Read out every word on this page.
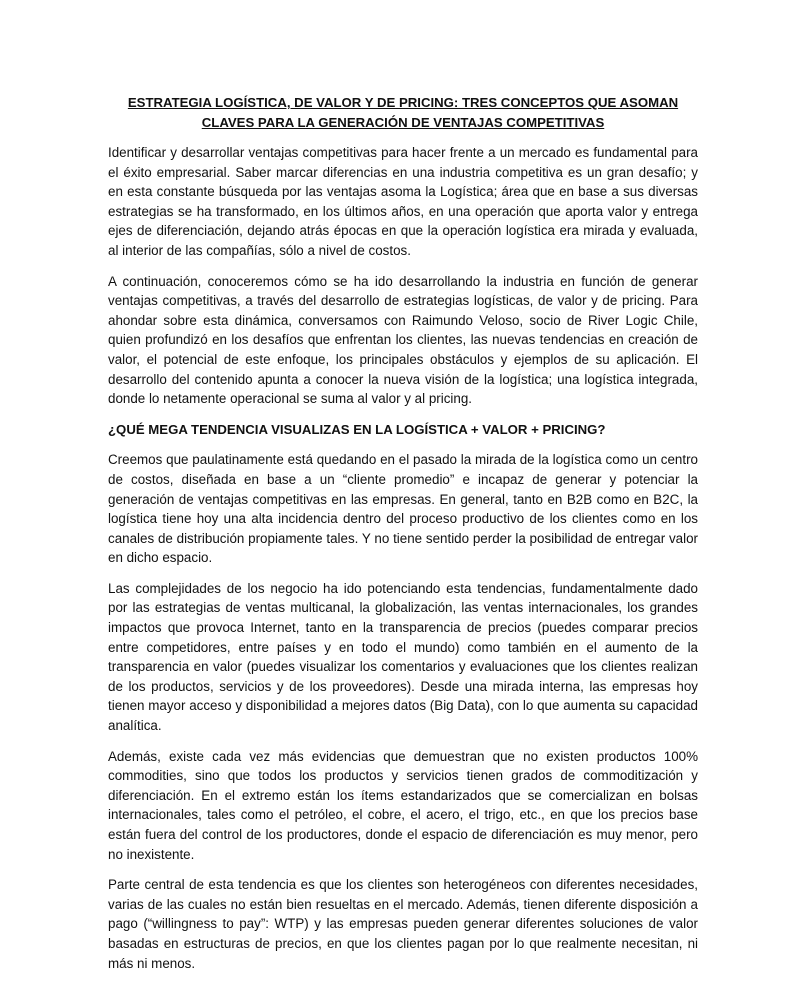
ESTRATEGIA LOGÍSTICA, DE VALOR Y DE PRICING: TRES CONCEPTOS QUE ASOMAN CLAVES PARA LA GENERACIÓN DE VENTAJAS COMPETITIVAS

Identificar y desarrollar ventajas competitivas para hacer frente a un mercado es fundamental para el éxito empresarial. Saber marcar diferencias en una industria competitiva es un gran desafío; y en esta constante búsqueda por las ventajas asoma la Logística; área que en base a sus diversas estrategias se ha transformado, en los últimos años, en una operación que aporta valor y entrega ejes de diferenciación, dejando atrás épocas en que la operación logística era mirada y evaluada, al interior de las compañías, sólo a nivel de costos.

A continuación, conoceremos cómo se ha ido desarrollando la industria en función de generar ventajas competitivas, a través del desarrollo de estrategias logísticas, de valor y de pricing. Para ahondar sobre esta dinámica, conversamos con Raimundo Veloso, socio de River Logic Chile, quien profundizó en los desafíos que enfrentan los clientes, las nuevas tendencias en creación de valor, el potencial de este enfoque, los principales obstáculos y ejemplos de su aplicación. El desarrollo del contenido apunta a conocer la nueva visión de la logística; una logística integrada, donde lo netamente operacional se suma al valor y al pricing.

¿QUÉ MEGA TENDENCIA VISUALIZAS EN LA LOGÍSTICA + VALOR + PRICING?

Creemos que paulatinamente está quedando en el pasado la mirada de la logística como un centro de costos, diseñada en base a un “cliente promedio” e incapaz de generar y potenciar la generación de ventajas competitivas en las empresas. En general, tanto en B2B como en B2C, la logística tiene hoy una alta incidencia dentro del proceso productivo de los clientes como en los canales de distribución propiamente tales. Y no tiene sentido perder la posibilidad de entregar valor en dicho espacio.

Las complejidades de los negocio ha ido potenciando esta tendencias, fundamentalmente dado por las estrategias de ventas multicanal, la globalización, las ventas internacionales, los grandes impactos que provoca Internet, tanto en la transparencia de precios (puedes comparar precios entre competidores, entre países y en todo el mundo) como también en el aumento de la transparencia en valor (puedes visualizar los comentarios y evaluaciones que los clientes realizan de los productos, servicios y de los proveedores). Desde una mirada interna, las empresas hoy tienen mayor acceso y disponibilidad a mejores datos (Big Data), con lo que aumenta su capacidad analítica.

Además, existe cada vez más evidencias que demuestran que no existen productos 100% commodities, sino que todos los productos y servicios tienen grados de commoditización y diferenciación. En el extremo están los ítems estandarizados que se comercializan en bolsas internacionales, tales como el petróleo, el cobre, el acero, el trigo, etc., en que los precios base están fuera del control de los productores, donde el espacio de diferenciación es muy menor, pero no inexistente.

Parte central de esta tendencia es que los clientes son heterogéneos con diferentes necesidades, varias de las cuales no están bien resueltas en el mercado. Además, tienen diferente disposición a pago (“willingness to pay”: WTP) y las empresas pueden generar diferentes soluciones de valor basadas en estructuras de precios, en que los clientes pagan por lo que realmente necesitan, ni más ni menos.
